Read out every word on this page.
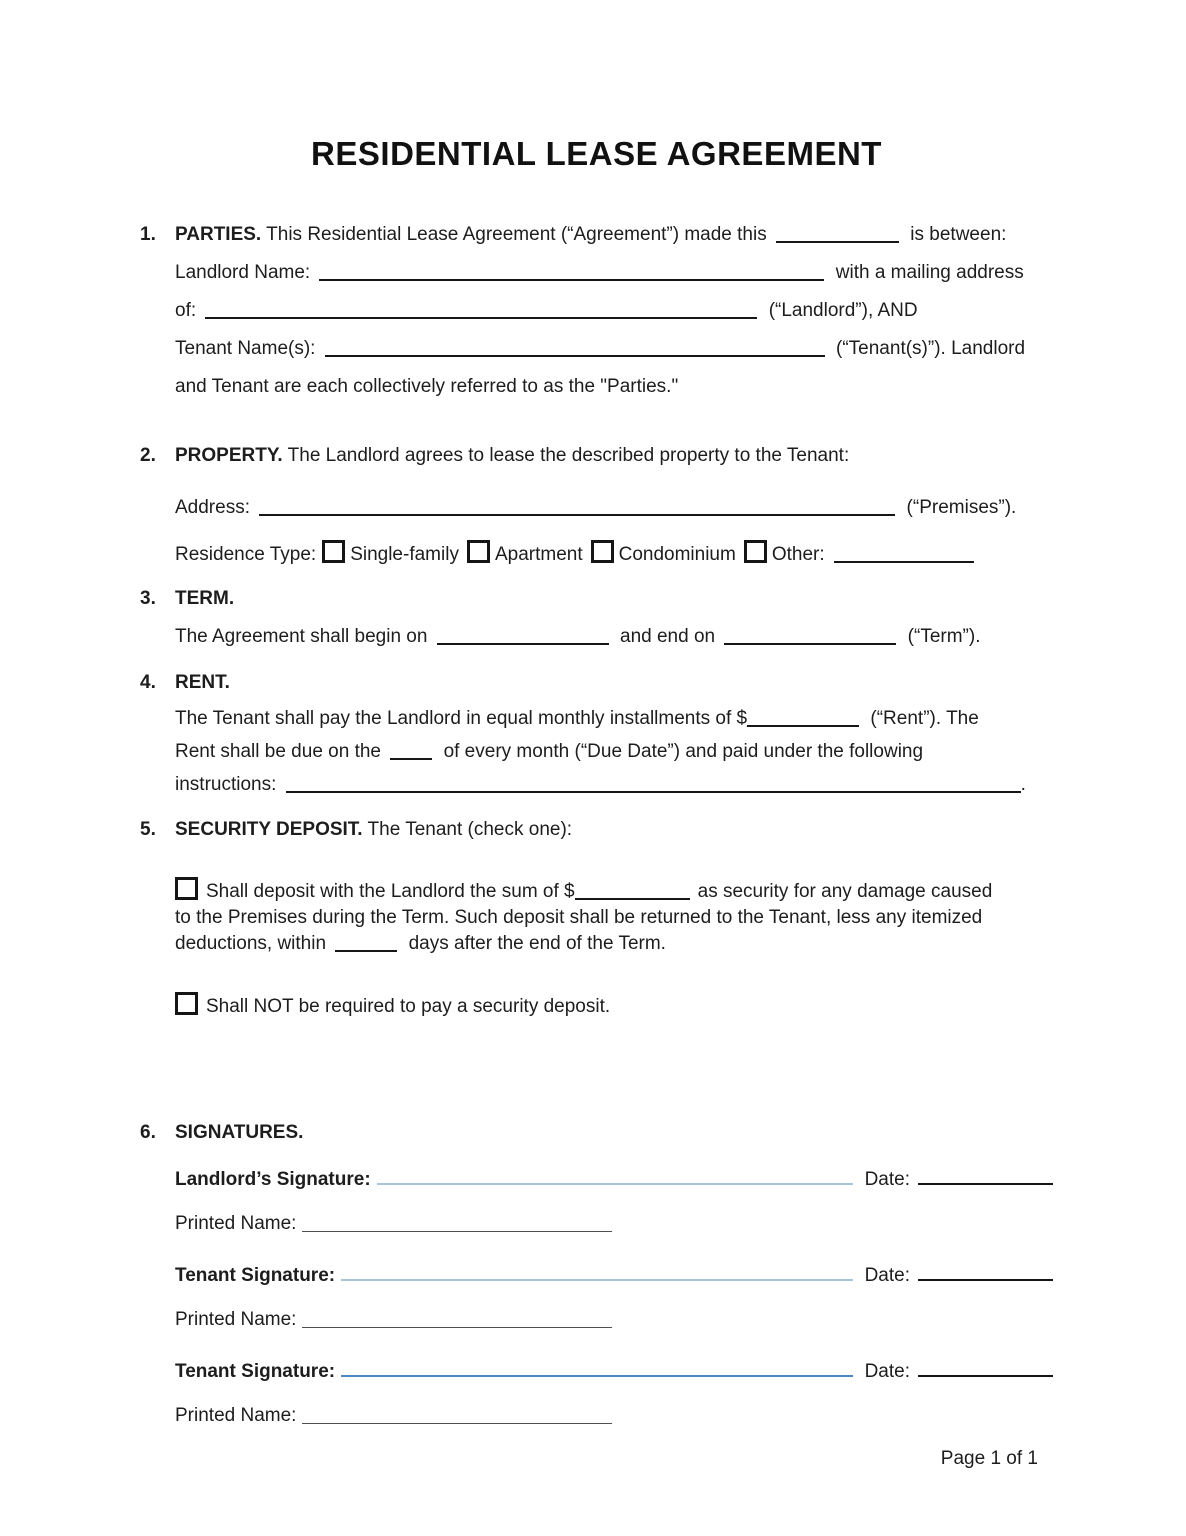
RESIDENTIAL LEASE AGREEMENT
1.	PARTIES. This Residential Lease Agreement (“Agreement”) made this	is between:
Landlord Name:	with a mailing address
of:	(“Landlord”), AND
Tenant Name(s):	(“Tenant(s)”). Landlord
and Tenant are each collectively referred to as the "Parties."
2.	PROPERTY. The Landlord agrees to lease the described property to the Tenant:
Address:	(“Premises”).
Residence Type: Single-family Apartment Condominium Other:
3.	TERM.
The Agreement shall begin on	and end on	(“Term”).
4.	RENT.
The Tenant shall pay the Landlord in equal monthly installments of $	(“Rent”). The
Rent shall be due on the	of every month (“Due Date”) and paid under the following
instructions:	.
5.	SECURITY DEPOSIT. The Tenant (check one):
Shall deposit with the Landlord the sum of $	as security for any damage caused
to the Premises during the Term. Such deposit shall be returned to the Tenant, less any itemized
deductions, within	days after the end of the Term.
Shall NOT be required to pay a security deposit.
6.	SIGNATURES.
Landlord’s Signature:	Date:
Printed Name:
Tenant Signature:	Date:
Printed Name:
Tenant Signature:	Date:
Printed Name:
Page 1 of 1
